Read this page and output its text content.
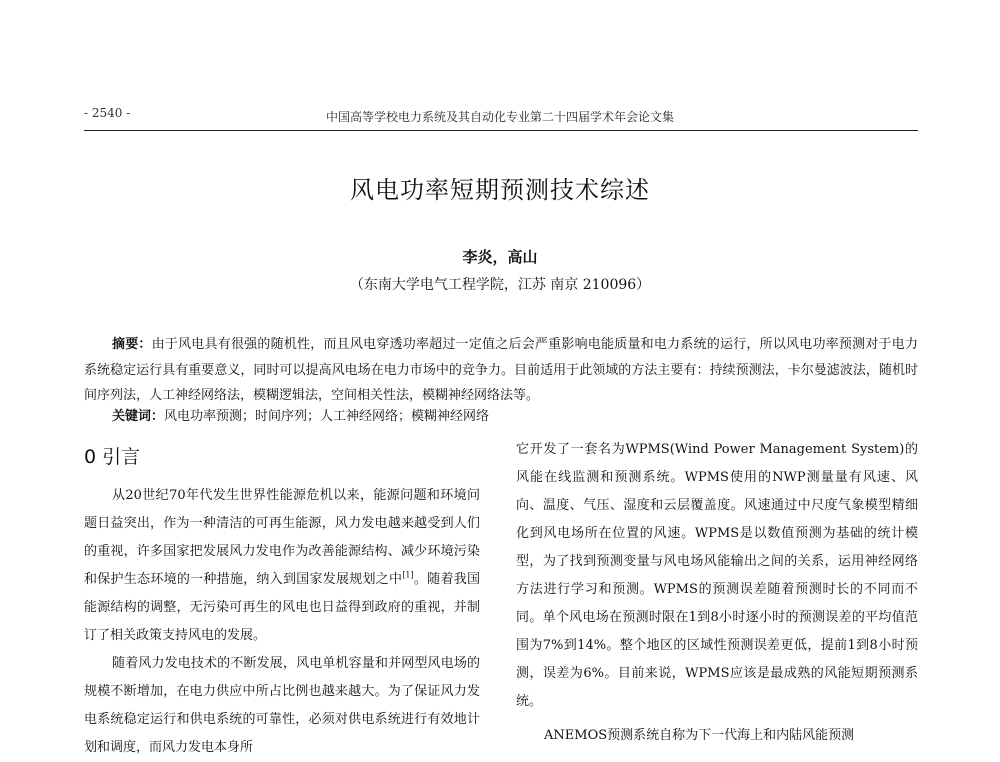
- 2540 -	中国高等学校电力系统及其自动化专业第二十四届学术年会论文集
风电功率短期预测技术综述
李炎，高山
（东南大学电气工程学院，江苏 南京 210096）

摘要：由于风电具有很强的随机性，而且风电穿透功率超过一定值之后会严重影响电能质量和电力系统的运行，所以风电功率预测对于电力系统稳定运行具有重要意义，同时可以提高风电场在电力市场中的竞争力。目前适用于此领域的方法主要有：持续预测法，卡尔曼滤波法，随机时间序列法，人工神经网络法，模糊逻辑法，空间相关性法，模糊神经网络法等。

关键词：风电功率预测；时间序列；人工神经网络；模糊神经网络

0 引言

从20世纪70年代发生世界性能源危机以来，能源问题和环境问题日益突出，作为一种清洁的可再生能源，风力发电越来越受到人们的重视，许多国家把发展风力发电作为改善能源结构、减少环境污染和保护生态环境的一种措施，纳入到国家发展规划之中[1]。随着我国能源结构的调整，无污染可再生的风电也日益得到政府的重视，并制订了相关政策支持风电的发展。

随着风力发电技术的不断发展，风电单机容量和并网型风电场的规模不断增加，在电力供应中所占比例也越来越大。为了保证风力发电系统稳定运行和供电系统的可靠性，必须对供电系统进行有效地计划和调度，而风力发电本身所

它开发了一套名为WPMS(Wind Power Management System)的风能在线监测和预测系统。WPMS使用的NWP测量量有风速、风向、温度、气压、湿度和云层覆盖度。风速通过中尺度气象模型精细化到风电场所在位置的风速。WPMS是以数值预测为基础的统计模型，为了找到预测变量与风电场风能输出之间的关系，运用神经网络方法进行学习和预测。WPMS的预测误差随着预测时长的不同而不同。单个风电场在预测时限在1到8小时逐小时的预测误差的平均值范围为7%到14%。整个地区的区域性预测误差更低，提前1到8小时预测，误差为6%。目前来说，WPMS应该是最成熟的风能短期预测系统。

ANEMOS预测系统自称为下一代海上和内陆风能预测
